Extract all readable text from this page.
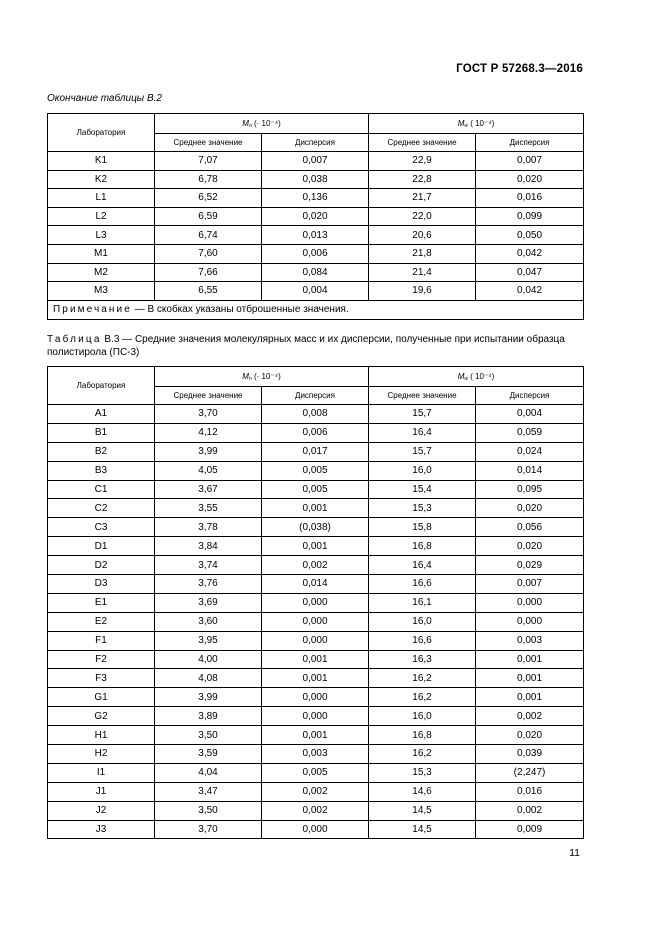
ГОСТ Р 57268.3—2016
Окончание таблицы В.2
Лаборатория	$M_n$ (· 10⁻⁴)		$M_w$ ( 10⁻⁴)	
	Среднее значение	Дисперсия	Среднее значение	Дисперсия
K1	7,07	0,007	22,9	0,007
K2	6,78	0,038	22,8	0,020
L1	6,52	0,136	21,7	0,016
L2	6,59	0,020	22,0	0,099
L3	6,74	0,013	20,6	0,050
M1	7,60	0,006	21,8	0,042
M2	7,66	0,084	21,4	0,047
M3	6,55	0,004	19,6	0,042
Примечание — В скобках указаны отброшенные значения.				
Таблица В.3 — Средние значения молекулярных масс и их дисперсии, полученные при испытании образца полистирола (ПС-3)
Лаборатория	$M_n$ (· 10⁻⁴)		$M_w$ ( 10⁻⁴)	
	Среднее значение	Дисперсия	Среднее значение	Дисперсия
A1	3,70	0,008	15,7	0,004
B1	4,12	0,006	16,4	0,059
B2	3,99	0,017	15,7	0,024
B3	4,05	0,005	16,0	0,014
C1	3,67	0,005	15,4	0,095
C2	3,55	0,001	15,3	0,020
C3	3,78	(0,038)	15,8	0,056
D1	3,84	0,001	16,8	0,020
D2	3,74	0,002	16,4	0,029
D3	3,76	0,014	16,6	0,007
E1	3,69	0,000	16,1	0,000
E2	3,60	0,000	16,0	0,000
F1	3,95	0,000	16,6	0,003
F2	4,00	0,001	16,3	0,001
F3	4,08	0,001	16,2	0,001
G1	3,99	0,000	16,2	0,001
G2	3,89	0,000	16,0	0,002
H1	3,50	0,001	16,8	0,020
H2	3,59	0,003	16,2	0,039
I1	4,04	0,005	15,3	(2,247)
J1	3,47	0,002	14,6	0,016
J2	3,50	0,002	14,5	0,002
J3	3,70	0,000	14,5	0,009
11
